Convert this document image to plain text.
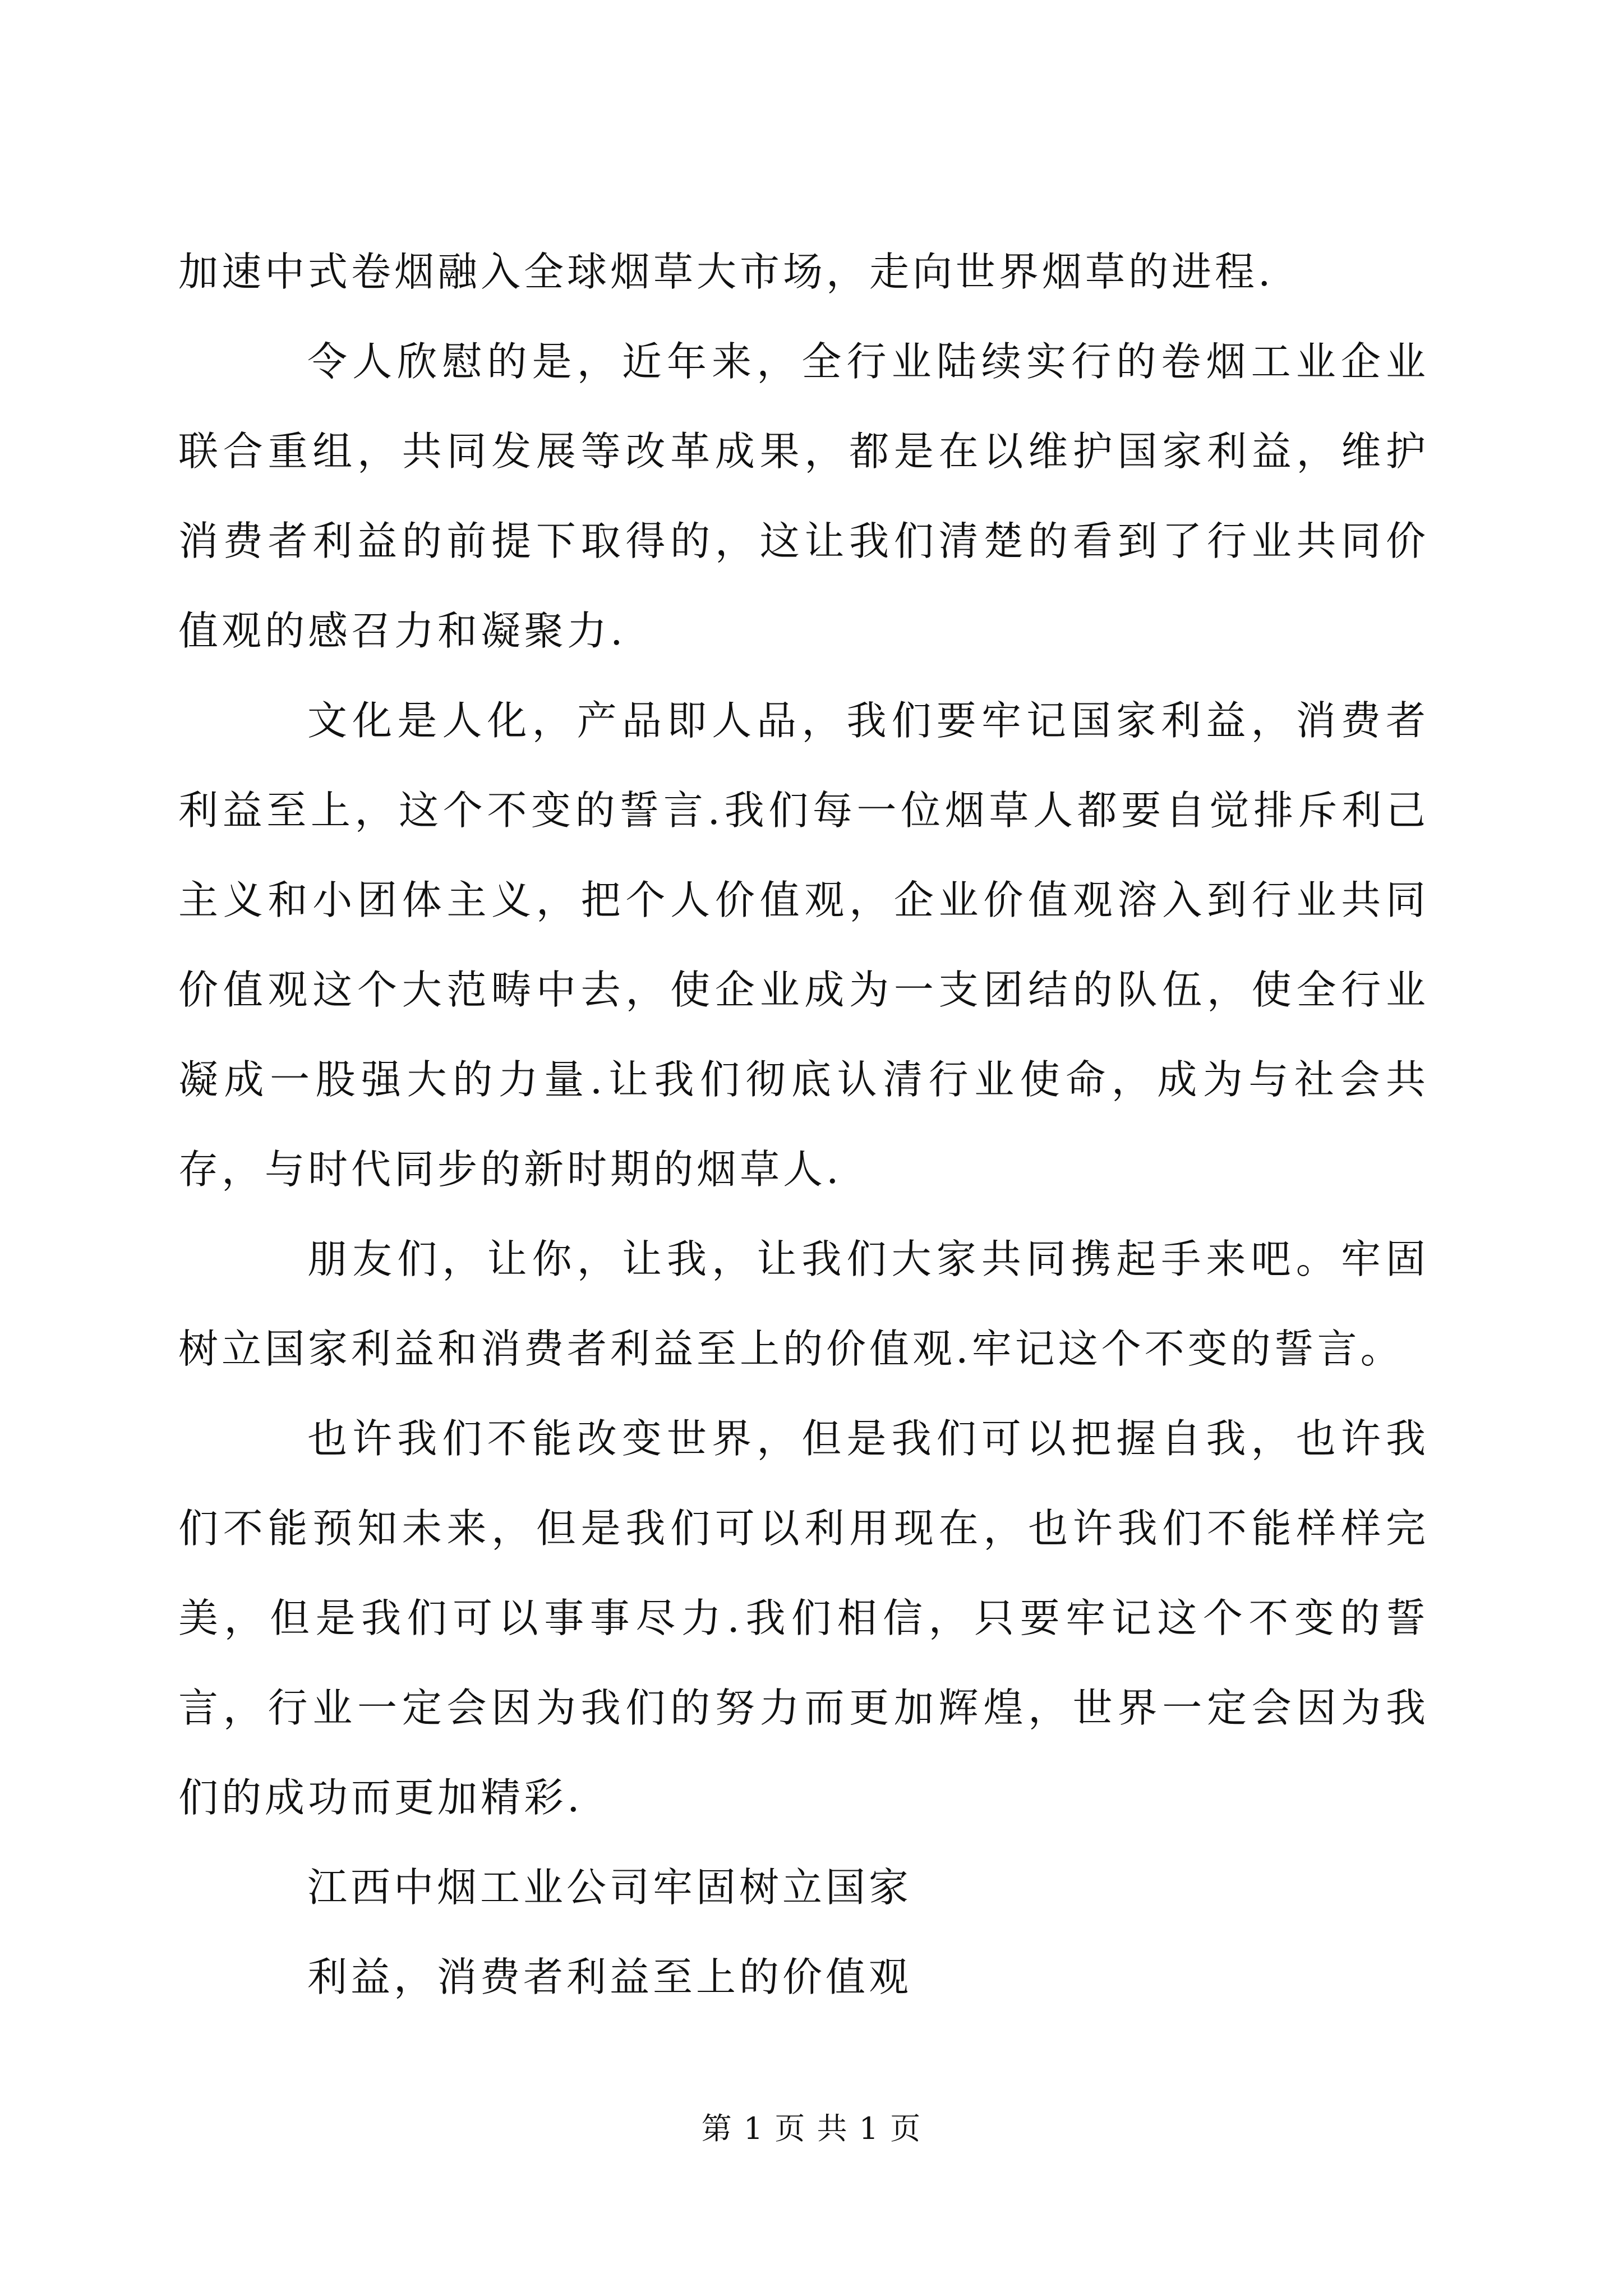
加速中式卷烟融入全球烟草大市场，走向世界烟草的进程.

令人欣慰的是，近年来，全行业陆续实行的卷烟工业企业联合重组，共同发展等改革成果，都是在以维护国家利益，维护消费者利益的前提下取得的，这让我们清楚的看到了行业共同价值观的感召力和凝聚力.

文化是人化，产品即人品，我们要牢记国家利益，消费者利益至上，这个不变的誓言.我们每一位烟草人都要自觉排斥利己主义和小团体主义，把个人价值观，企业价值观溶入到行业共同价值观这个大范畴中去，使企业成为一支团结的队伍，使全行业凝成一股强大的力量.让我们彻底认清行业使命，成为与社会共存，与时代同步的新时期的烟草人.

朋友们，让你，让我，让我们大家共同携起手来吧。牢固树立国家利益和消费者利益至上的价值观.牢记这个不变的誓言。

也许我们不能改变世界，但是我们可以把握自我，也许我们不能预知未来，但是我们可以利用现在，也许我们不能样样完美，但是我们可以事事尽力.我们相信，只要牢记这个不变的誓言，行业一定会因为我们的努力而更加辉煌，世界一定会因为我们的成功而更加精彩.

江西中烟工业公司牢固树立国家

利益，消费者利益至上的价值观

第 1 页 共 1 页
